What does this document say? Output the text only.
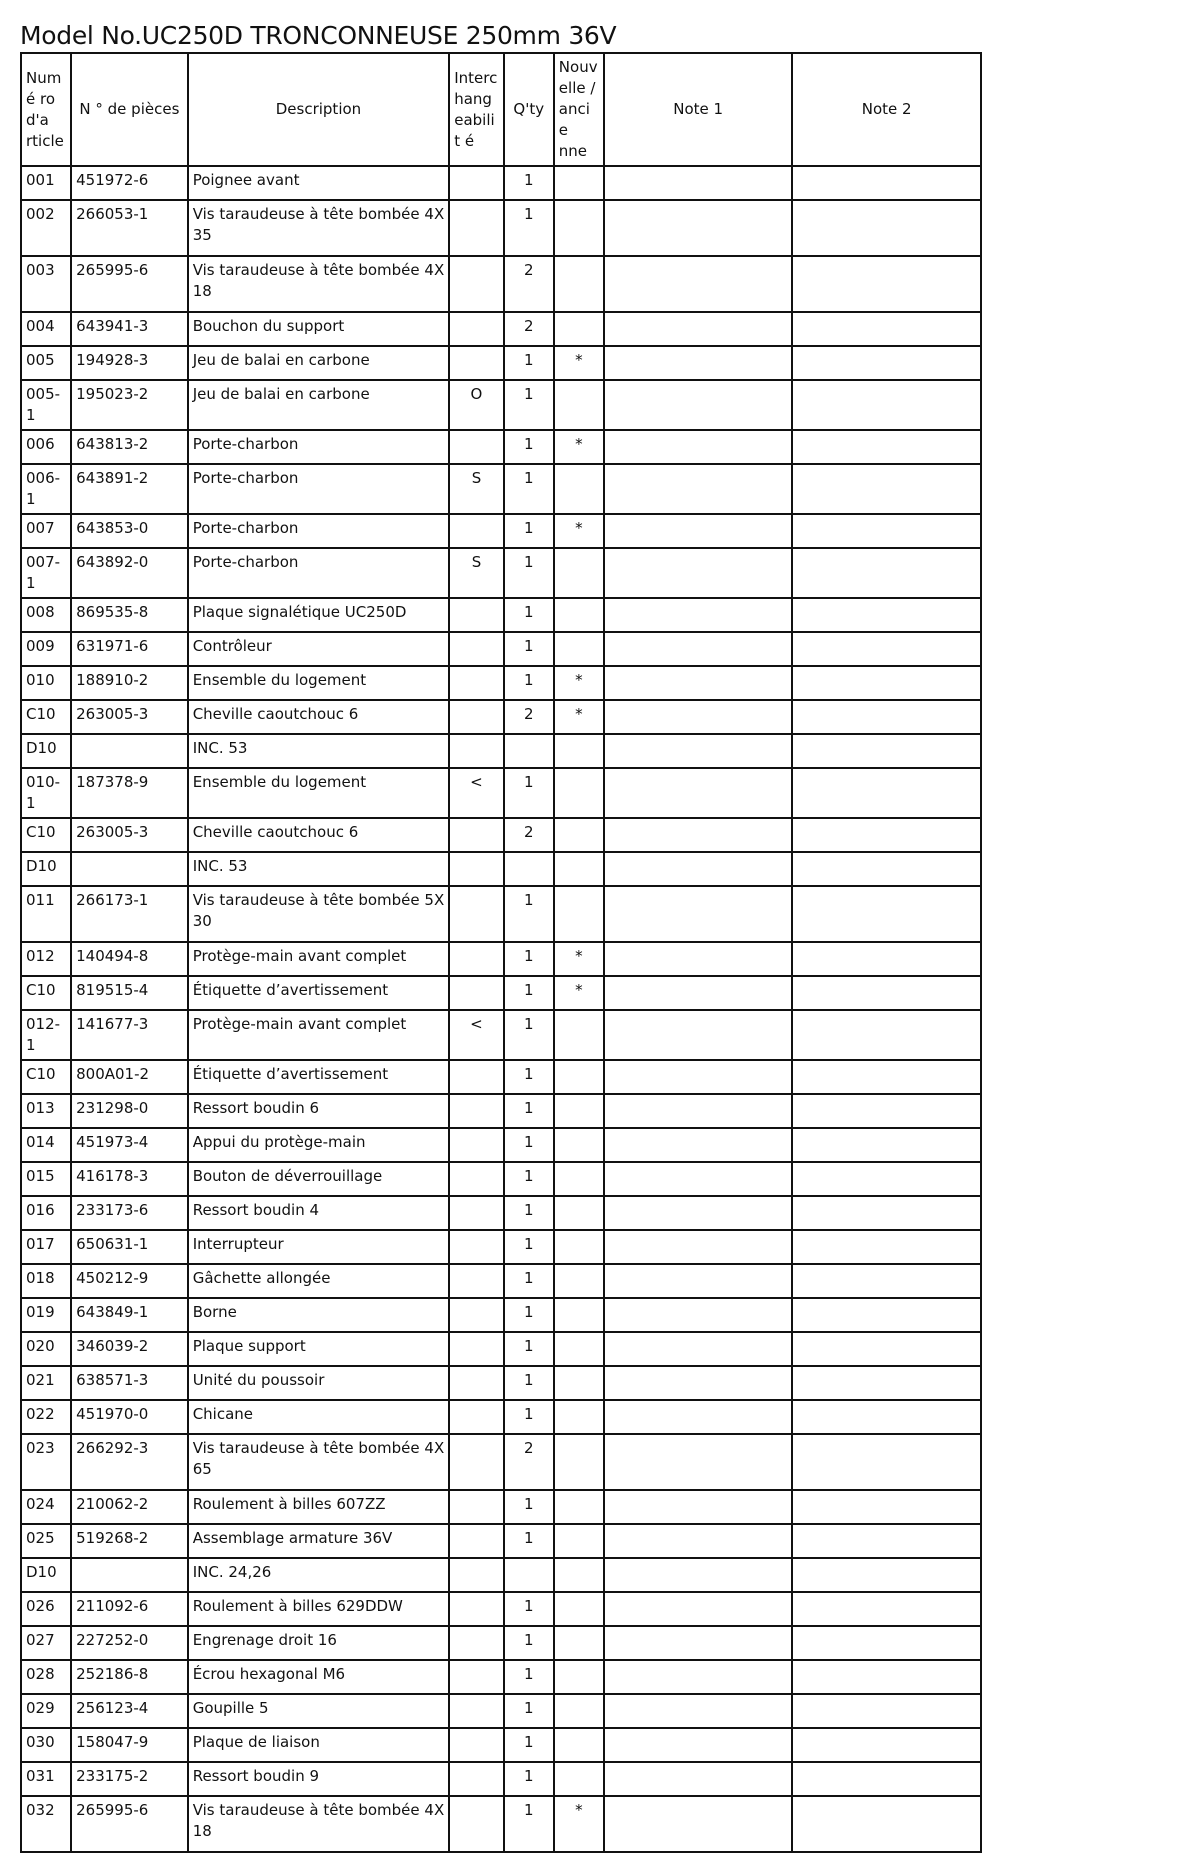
Model No.UC250D TRONCONNEUSE 250mm 36V
Numé ro d'a rticle	N ° de pièces	Description	Interc hang eabilit é	Q'ty	Nouv elle / ancie nne	Note 1	Note 2
001	451972-6	Poignee avant		1			
002	266053-1	Vis taraudeuse à tête bombée 4X 35		1			
003	265995-6	Vis taraudeuse à tête bombée 4X 18		2			
004	643941-3	Bouchon du support		2			
005	194928-3	Jeu de balai en carbone		1	*		
005-1	195023-2	Jeu de balai en carbone	O	1			
006	643813-2	Porte-charbon		1	*		
006-1	643891-2	Porte-charbon	S	1			
007	643853-0	Porte-charbon		1	*		
007-1	643892-0	Porte-charbon	S	1			
008	869535-8	Plaque signalétique UC250D		1			
009	631971-6	Contrôleur		1			
010	188910-2	Ensemble du logement		1	*		
C10	263005-3	Cheville caoutchouc 6		2	*		
D10		INC. 53					
010-1	187378-9	Ensemble du logement	<	1			
C10	263005-3	Cheville caoutchouc 6		2			
D10		INC. 53					
011	266173-1	Vis taraudeuse à tête bombée 5X 30		1			
012	140494-8	Protège-main avant complet		1	*		
C10	819515-4	Étiquette d’avertissement		1	*		
012-1	141677-3	Protège-main avant complet	<	1			
C10	800A01-2	Étiquette d’avertissement		1			
013	231298-0	Ressort boudin 6		1			
014	451973-4	Appui du protège-main		1			
015	416178-3	Bouton de déverrouillage		1			
016	233173-6	Ressort boudin 4		1			
017	650631-1	Interrupteur		1			
018	450212-9	Gâchette allongée		1			
019	643849-1	Borne		1			
020	346039-2	Plaque support		1			
021	638571-3	Unité du poussoir		1			
022	451970-0	Chicane		1			
023	266292-3	Vis taraudeuse à tête bombée 4X 65		2			
024	210062-2	Roulement à billes 607ZZ		1			
025	519268-2	Assemblage armature 36V		1			
D10		INC. 24,26					
026	211092-6	Roulement à billes 629DDW		1			
027	227252-0	Engrenage droit 16		1			
028	252186-8	Écrou hexagonal M6		1			
029	256123-4	Goupille 5		1			
030	158047-9	Plaque de liaison		1			
031	233175-2	Ressort boudin 9		1			
032	265995-6	Vis taraudeuse à tête bombée 4X 18		1	*		
